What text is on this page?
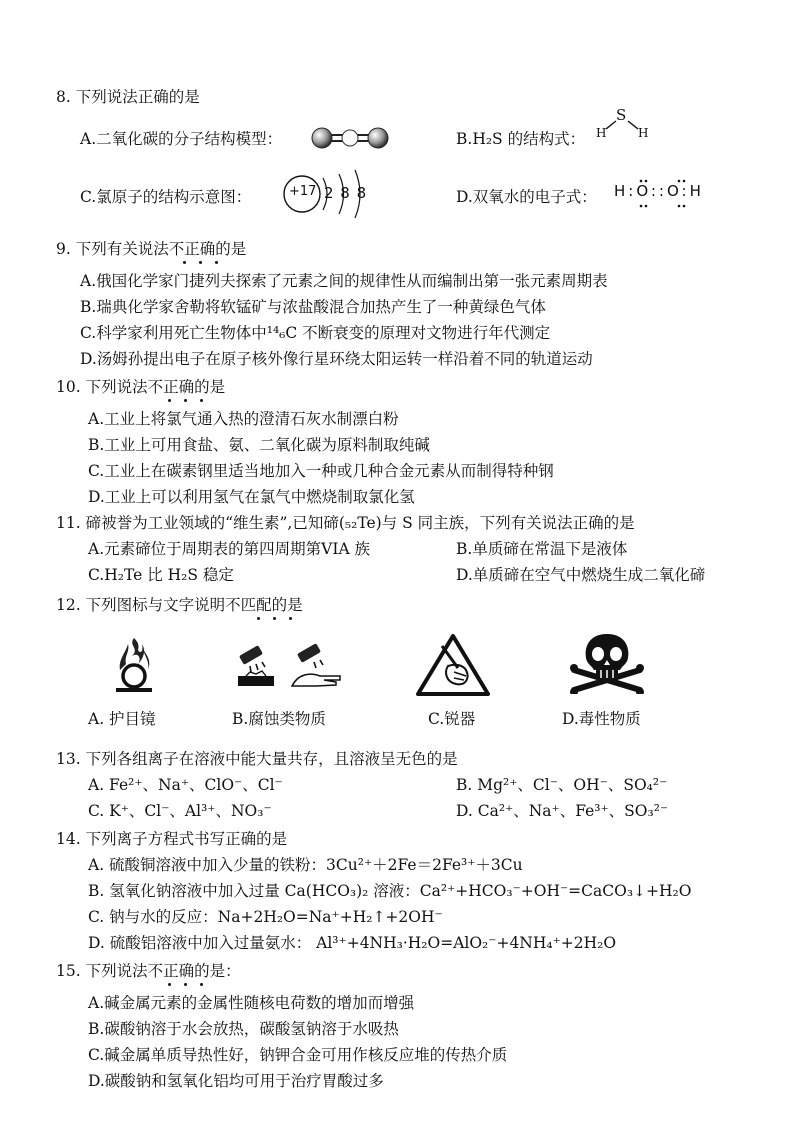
8. 下列说法正确的是
A.二氧化碳的分子结构模型：	B.H₂S 的结构式：
S
H	H
C.氯原子的结构示意图：	+17 2 8 8	D.双氧水的电子式： H:O::O:H
9. 下列有关说法不正确的是
A.俄国化学家门捷列夫探索了元素之间的规律性从而编制出第一张元素周期表
B.瑞典化学家舍勒将软锰矿与浓盐酸混合加热产生了一种黄绿色气体
C.科学家利用死亡生物体中¹⁴₆C 不断衰变的原理对文物进行年代测定
D.汤姆孙提出电子在原子核外像行星环绕太阳运转一样沿着不同的轨道运动
10. 下列说法不正确的是
A.工业上将氯气通入热的澄清石灰水制漂白粉
B.工业上可用食盐、氨、二氧化碳为原料制取纯碱
C.工业上在碳素钢里适当地加入一种或几种合金元素从而制得特种钢
D.工业上可以利用氢气在氯气中燃烧制取氯化氢
11. 碲被誉为工业领域的“维生素”,已知碲(₅₂Te)与 S 同主族，下列有关说法正确的是
A.元素碲位于周期表的第四周期第VIA 族	B.单质碲在常温下是液体
C.H₂Te 比 H₂S 稳定	D.单质碲在空气中燃烧生成二氧化碲
12. 下列图标与文字说明不匹配的是
A. 护目镜	B.腐蚀类物质	C.锐器	D.毒性物质
13. 下列各组离子在溶液中能大量共存，且溶液呈无色的是
A. Fe²⁺、Na⁺、ClO⁻、Cl⁻	B. Mg²⁺、Cl⁻、OH⁻、SO₄²⁻
C. K⁺、Cl⁻、Al³⁺、NO₃⁻	D. Ca²⁺、Na⁺、Fe³⁺、SO₃²⁻
14. 下列离子方程式书写正确的是
A. 硫酸铜溶液中加入少量的铁粉：3Cu²⁺＋2Fe＝2Fe³⁺＋3Cu
B. 氢氧化钠溶液中加入过量 Ca(HCO₃)₂ 溶液：Ca²⁺+HCO₃⁻+OH⁻=CaCO₃↓+H₂O
C. 钠与水的反应：Na+2H₂O=Na⁺+H₂↑+2OH⁻
D. 硫酸铝溶液中加入过量氨水： Al³⁺+4NH₃·H₂O=AlO₂⁻+4NH₄⁺+2H₂O
15. 下列说法不正确的是：
A.碱金属元素的金属性随核电荷数的增加而增强
B.碳酸钠溶于水会放热，碳酸氢钠溶于水吸热
C.碱金属单质导热性好，钠钾合金可用作核反应堆的传热介质
D.碳酸钠和氢氧化铝均可用于治疗胃酸过多
